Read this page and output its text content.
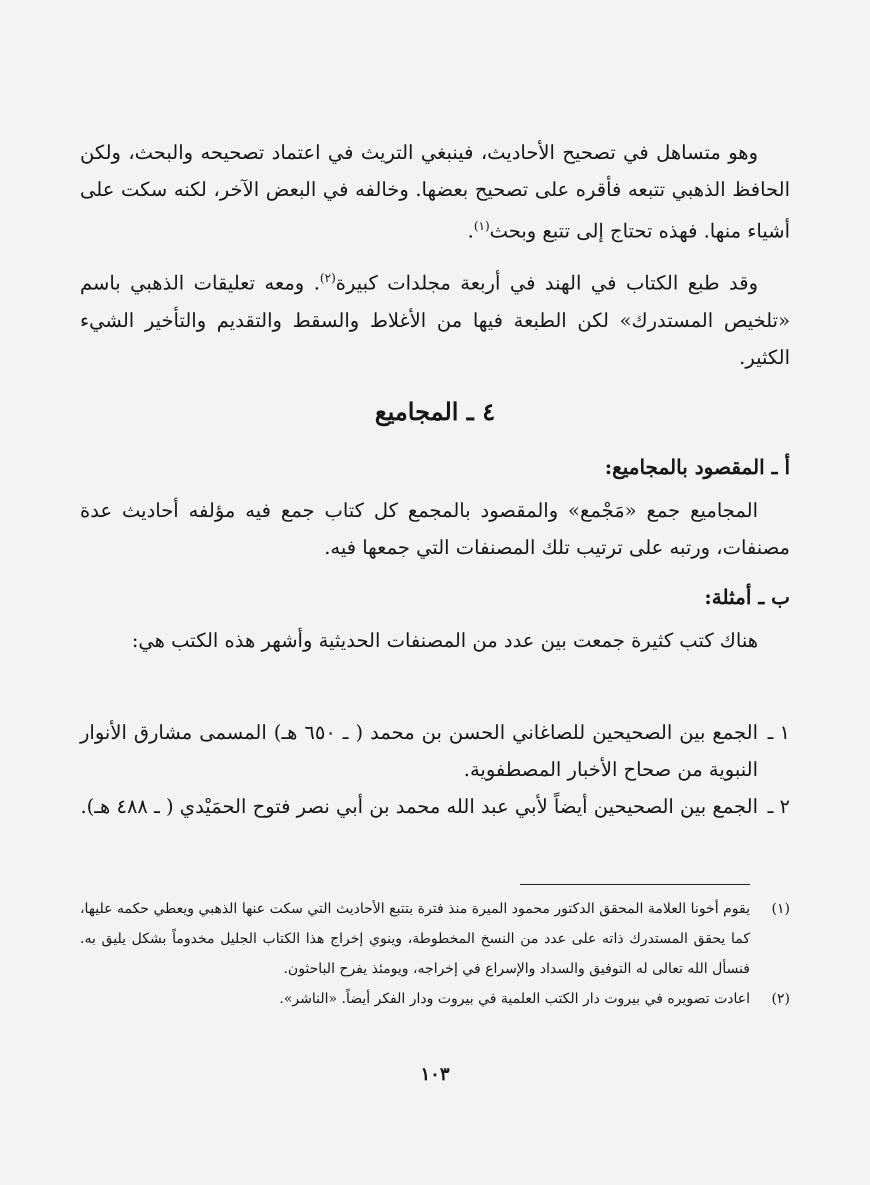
وهو متساهل في تصحيح الأحاديث، فينبغي التريث في اعتماد تصحيحه والبحث، ولكن الحافظ الذهبي تتبعه فأقره على تصحيح بعضها. وخالفه في البعض الآخر، لكنه سكت على أشياء منها. فهذه تحتاج إلى تتبع وبحث$^{(١)}$.

وقد طبع الكتاب في الهند في أربعة مجلدات كبيرة$^{(٢)}$. ومعه تعليقات الذهبي باسم «تلخيص المستدرك» لكن الطبعة فيها من الأغلاط والسقط والتقديم والتأخير الشيء الكثير.

٤ ـ المجاميع

أ ـ المقصود بالمجاميع:

المجاميع جمع «مَجْمع» والمقصود بالمجمع كل كتاب جمع فيه مؤلفه أحاديث عدة مصنفات، ورتبه على ترتيب تلك المصنفات التي جمعها فيه.

ب ـ أمثلة:

هناك كتب كثيرة جمعت بين عدد من المصنفات الحديثية وأشهر هذه الكتب هي:

١ ـ
الجمع بين الصحيحين للصاغاني الحسن بن محمد ( ـ ٦٥٠ هـ) المسمى مشارق الأنوار النبوية من صحاح الأخبار المصطفوية.
٢ ـ
الجمع بين الصحيحين أيضاً لأبي عبد الله محمد بن أبي نصر فتوح الحمَيْدي ( ـ ٤٨٨ هـ).
(١)
يقوم أخونا العلامة المحقق الدكتور محمود الميرة منذ فترة بتتبع الأحاديث التي سكت عنها الذهبي ويعطي حكمه عليها، كما يحقق المستدرك ذاته على عدد من النسخ المخطوطة، وينوي إخراج هذا الكتاب الجليل مخدوماً بشكل يليق به. فنسأل الله تعالى له التوفيق والسداد والإسراع في إخراجه، ويومئذ يفرح الباحثون.
(٢)
اعادت تصويره في بيروت دار الكتب العلمية في بيروت ودار الفكر أيضاً. «الناشر».
١٠٣
